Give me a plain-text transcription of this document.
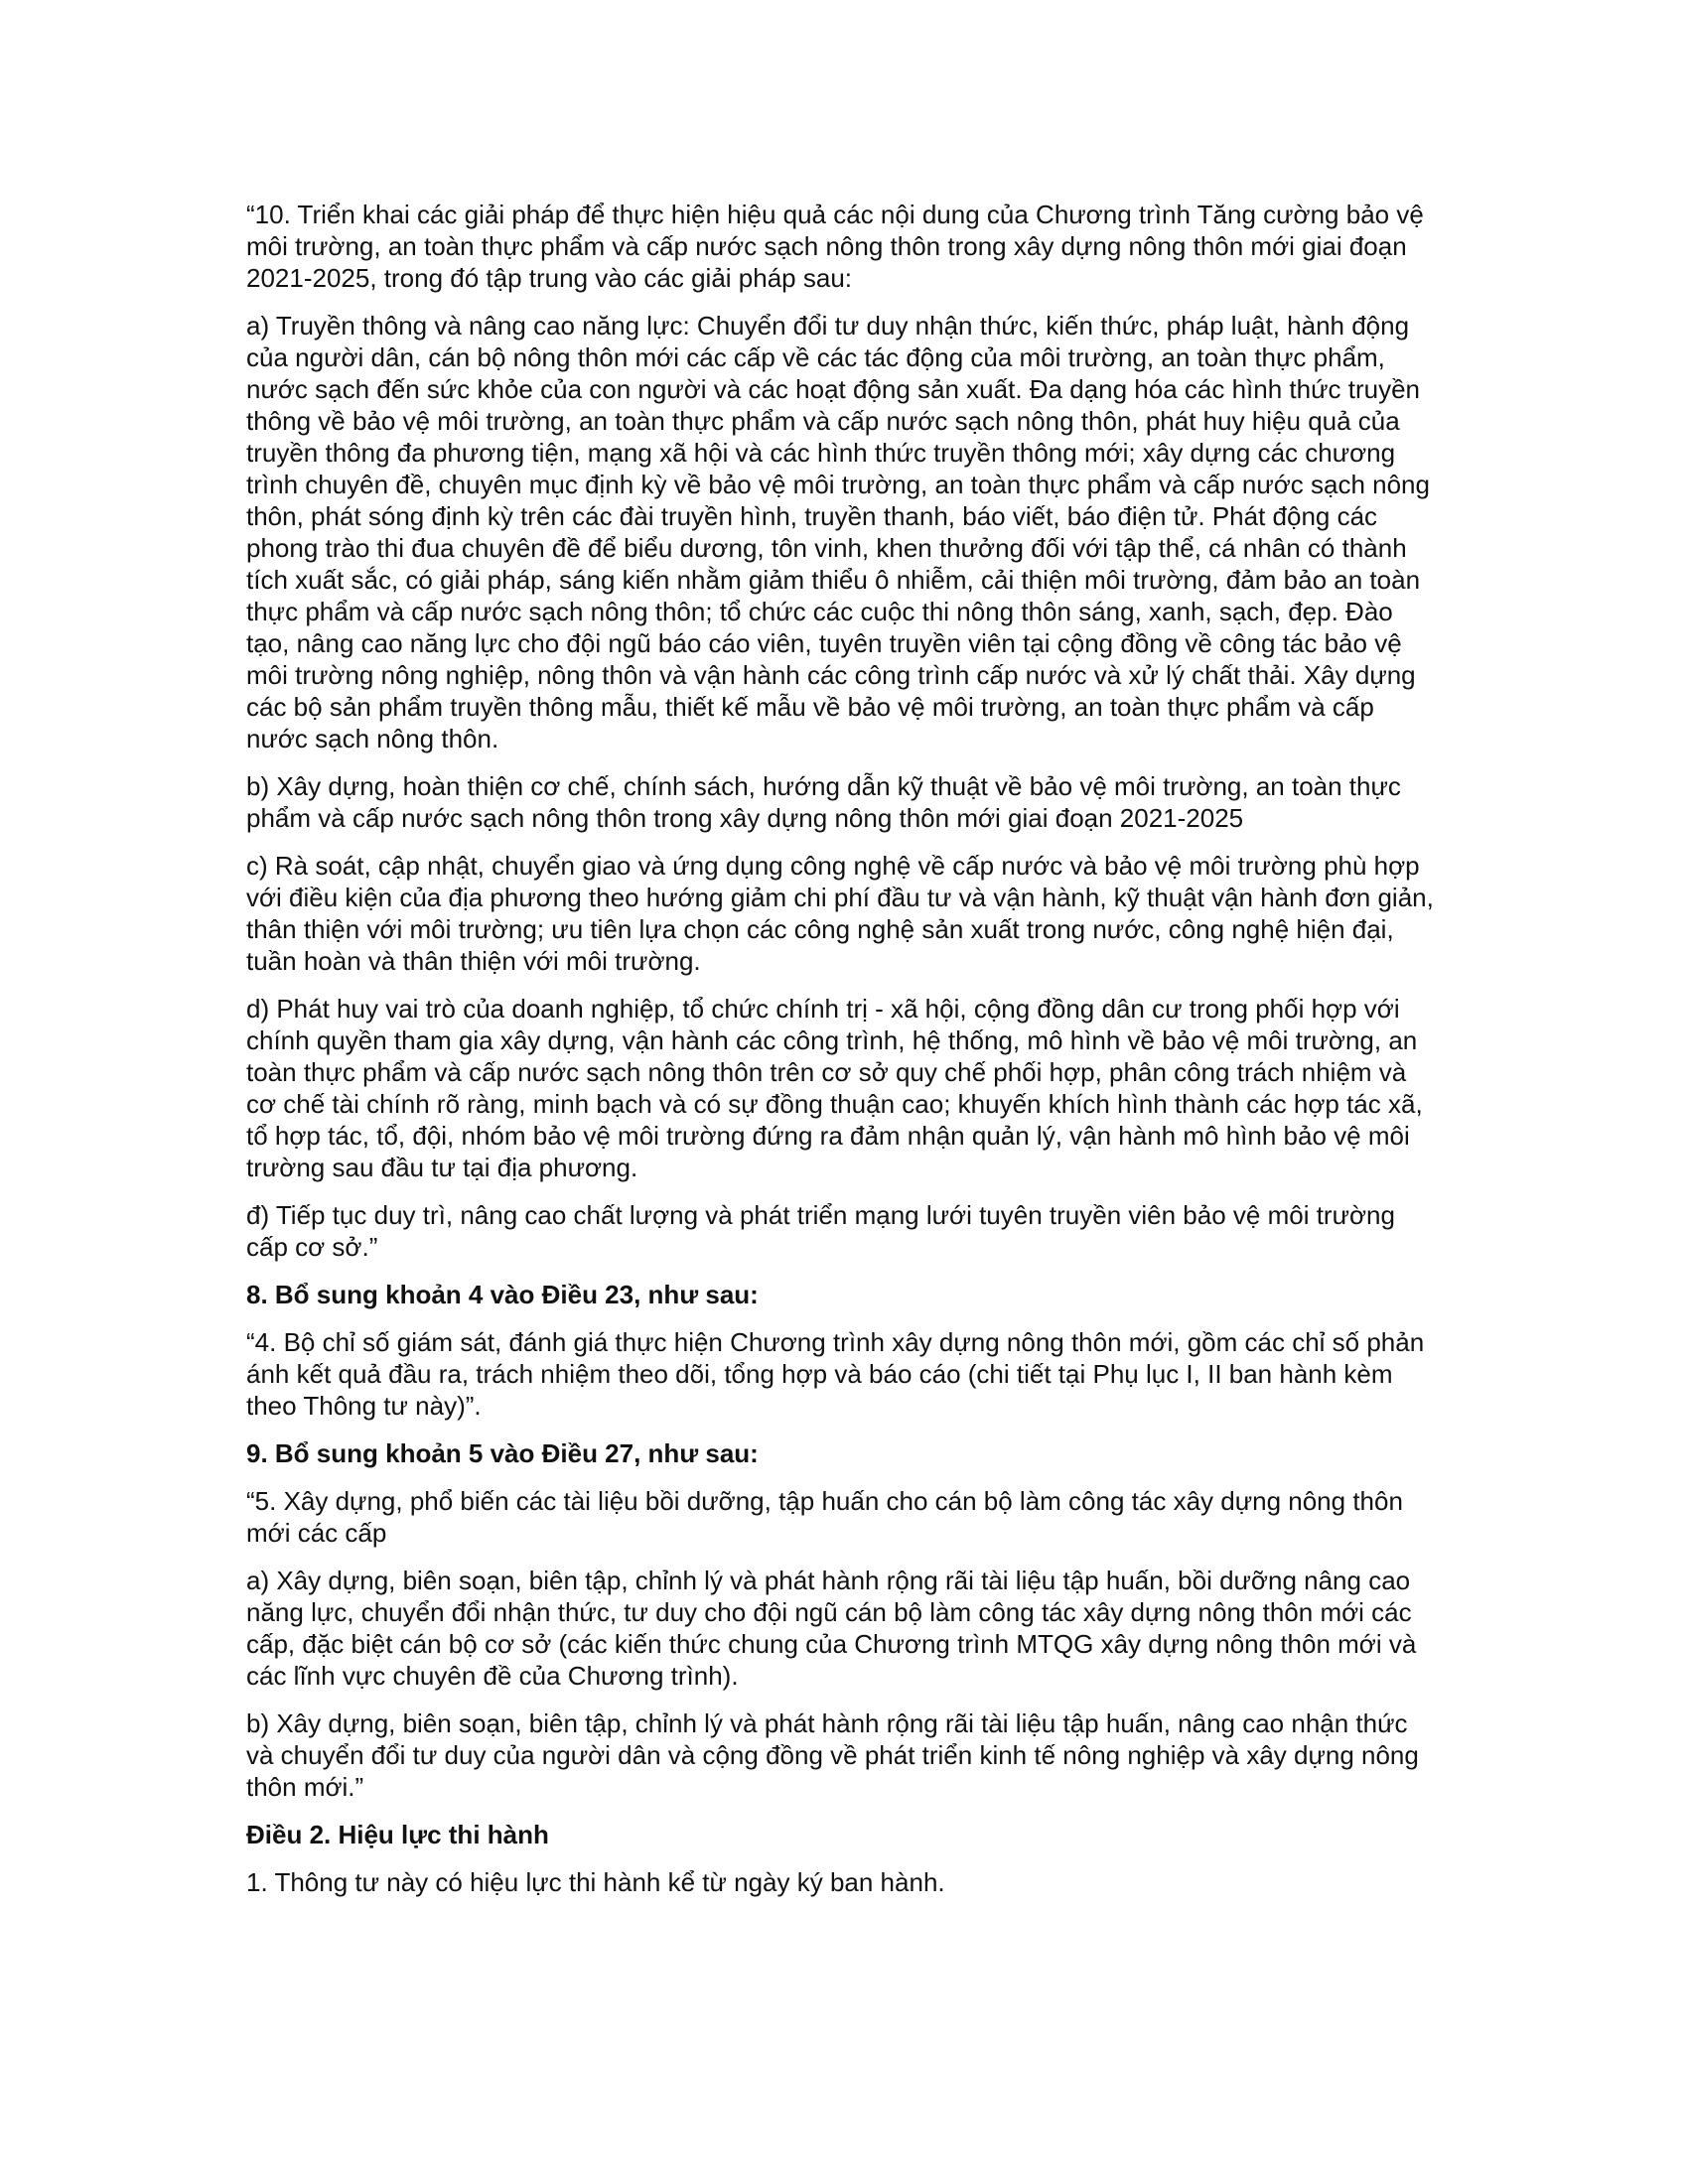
“10. Triển khai các giải pháp để thực hiện hiệu quả các nội dung của Chương trình Tăng cường bảo vệ môi trường, an toàn thực phẩm và cấp nước sạch nông thôn trong xây dựng nông thôn mới giai đoạn 2021-2025, trong đó tập trung vào các giải pháp sau:

a) Truyền thông và nâng cao năng lực: Chuyển đổi tư duy nhận thức, kiến thức, pháp luật, hành động của người dân, cán bộ nông thôn mới các cấp về các tác động của môi trường, an toàn thực phẩm, nước sạch đến sức khỏe của con người và các hoạt động sản xuất. Đa dạng hóa các hình thức truyền thông về bảo vệ môi trường, an toàn thực phẩm và cấp nước sạch nông thôn, phát huy hiệu quả của truyền thông đa phương tiện, mạng xã hội và các hình thức truyền thông mới; xây dựng các chương trình chuyên đề, chuyên mục định kỳ về bảo vệ môi trường, an toàn thực phẩm và cấp nước sạch nông thôn, phát sóng định kỳ trên các đài truyền hình, truyền thanh, báo viết, báo điện tử. Phát động các phong trào thi đua chuyên đề để biểu dương, tôn vinh, khen thưởng đối với tập thể, cá nhân có thành tích xuất sắc, có giải pháp, sáng kiến nhằm giảm thiểu ô nhiễm, cải thiện môi trường, đảm bảo an toàn thực phẩm và cấp nước sạch nông thôn; tổ chức các cuộc thi nông thôn sáng, xanh, sạch, đẹp. Đào tạo, nâng cao năng lực cho đội ngũ báo cáo viên, tuyên truyền viên tại cộng đồng về công tác bảo vệ môi trường nông nghiệp, nông thôn và vận hành các công trình cấp nước và xử lý chất thải. Xây dựng các bộ sản phẩm truyền thông mẫu, thiết kế mẫu về bảo vệ môi trường, an toàn thực phẩm và cấp nước sạch nông thôn.

b) Xây dựng, hoàn thiện cơ chế, chính sách, hướng dẫn kỹ thuật về bảo vệ môi trường, an toàn thực phẩm và cấp nước sạch nông thôn trong xây dựng nông thôn mới giai đoạn 2021-2025

c) Rà soát, cập nhật, chuyển giao và ứng dụng công nghệ về cấp nước và bảo vệ môi trường phù hợp với điều kiện của địa phương theo hướng giảm chi phí đầu tư và vận hành, kỹ thuật vận hành đơn giản, thân thiện với môi trường; ưu tiên lựa chọn các công nghệ sản xuất trong nước, công nghệ hiện đại, tuần hoàn và thân thiện với môi trường.

d) Phát huy vai trò của doanh nghiệp, tổ chức chính trị - xã hội, cộng đồng dân cư trong phối hợp với chính quyền tham gia xây dựng, vận hành các công trình, hệ thống, mô hình về bảo vệ môi trường, an toàn thực phẩm và cấp nước sạch nông thôn trên cơ sở quy chế phối hợp, phân công trách nhiệm và cơ chế tài chính rõ ràng, minh bạch và có sự đồng thuận cao; khuyến khích hình thành các hợp tác xã, tổ hợp tác, tổ, đội, nhóm bảo vệ môi trường đứng ra đảm nhận quản lý, vận hành mô hình bảo vệ môi trường sau đầu tư tại địa phương.

đ) Tiếp tục duy trì, nâng cao chất lượng và phát triển mạng lưới tuyên truyền viên bảo vệ môi trường cấp cơ sở.”

8. Bổ sung khoản 4 vào Điều 23, như sau:

“4. Bộ chỉ số giám sát, đánh giá thực hiện Chương trình xây dựng nông thôn mới, gồm các chỉ số phản ánh kết quả đầu ra, trách nhiệm theo dõi, tổng hợp và báo cáo (chi tiết tại Phụ lục I, II ban hành kèm theo Thông tư này)”.

9. Bổ sung khoản 5 vào Điều 27, như sau:

“5. Xây dựng, phổ biến các tài liệu bồi dưỡng, tập huấn cho cán bộ làm công tác xây dựng nông thôn mới các cấp

a) Xây dựng, biên soạn, biên tập, chỉnh lý và phát hành rộng rãi tài liệu tập huấn, bồi dưỡng nâng cao năng lực, chuyển đổi nhận thức, tư duy cho đội ngũ cán bộ làm công tác xây dựng nông thôn mới các cấp, đặc biệt cán bộ cơ sở (các kiến thức chung của Chương trình MTQG xây dựng nông thôn mới và các lĩnh vực chuyên đề của Chương trình).

b) Xây dựng, biên soạn, biên tập, chỉnh lý và phát hành rộng rãi tài liệu tập huấn, nâng cao nhận thức và chuyển đổi tư duy của người dân và cộng đồng về phát triển kinh tế nông nghiệp và xây dựng nông thôn mới.”

Điều 2. Hiệu lực thi hành

1. Thông tư này có hiệu lực thi hành kể từ ngày ký ban hành.
